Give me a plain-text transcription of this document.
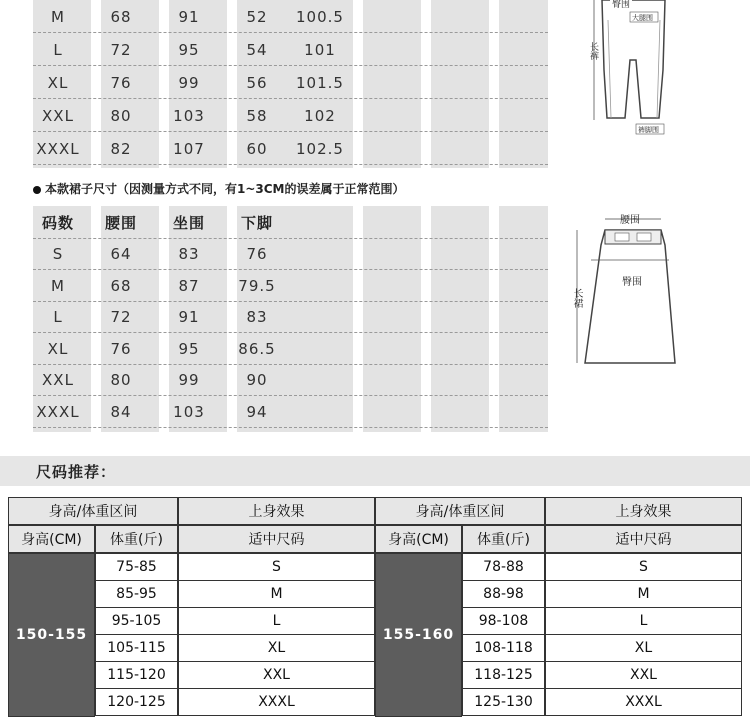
M	68	91	52	100.5
L	72	95	54	101
XL	76	99	56	101.5
XXL	80	103	58	102
XXXL	82	107	60	102.5
臀围
大腿围
长裤
裤脚围
本款裙子尺寸（因测量方式不同，有1~3CM的误差属于正常范围）
码数	腰围	坐围	下脚
S	64	83	76
M	68	87	79.5
L	72	91	83
XL	76	95	86.5
XXL	80	99	90
XXXL	84	103	94
腰围
臀围
长裙
尺码推荐：
身高/体重区间	上身效果
身高(CM)	体重(斤)	适中尺码
150-155
75-85	S
85-95	M
95-105	L
105-115	XL
115-120	XXL
120-125	XXXL
身高/体重区间	上身效果
身高(CM)	体重(斤)	适中尺码
155-160
78-88	S
88-98	M
98-108	L
108-118	XL
118-125	XXL
125-130	XXXL
